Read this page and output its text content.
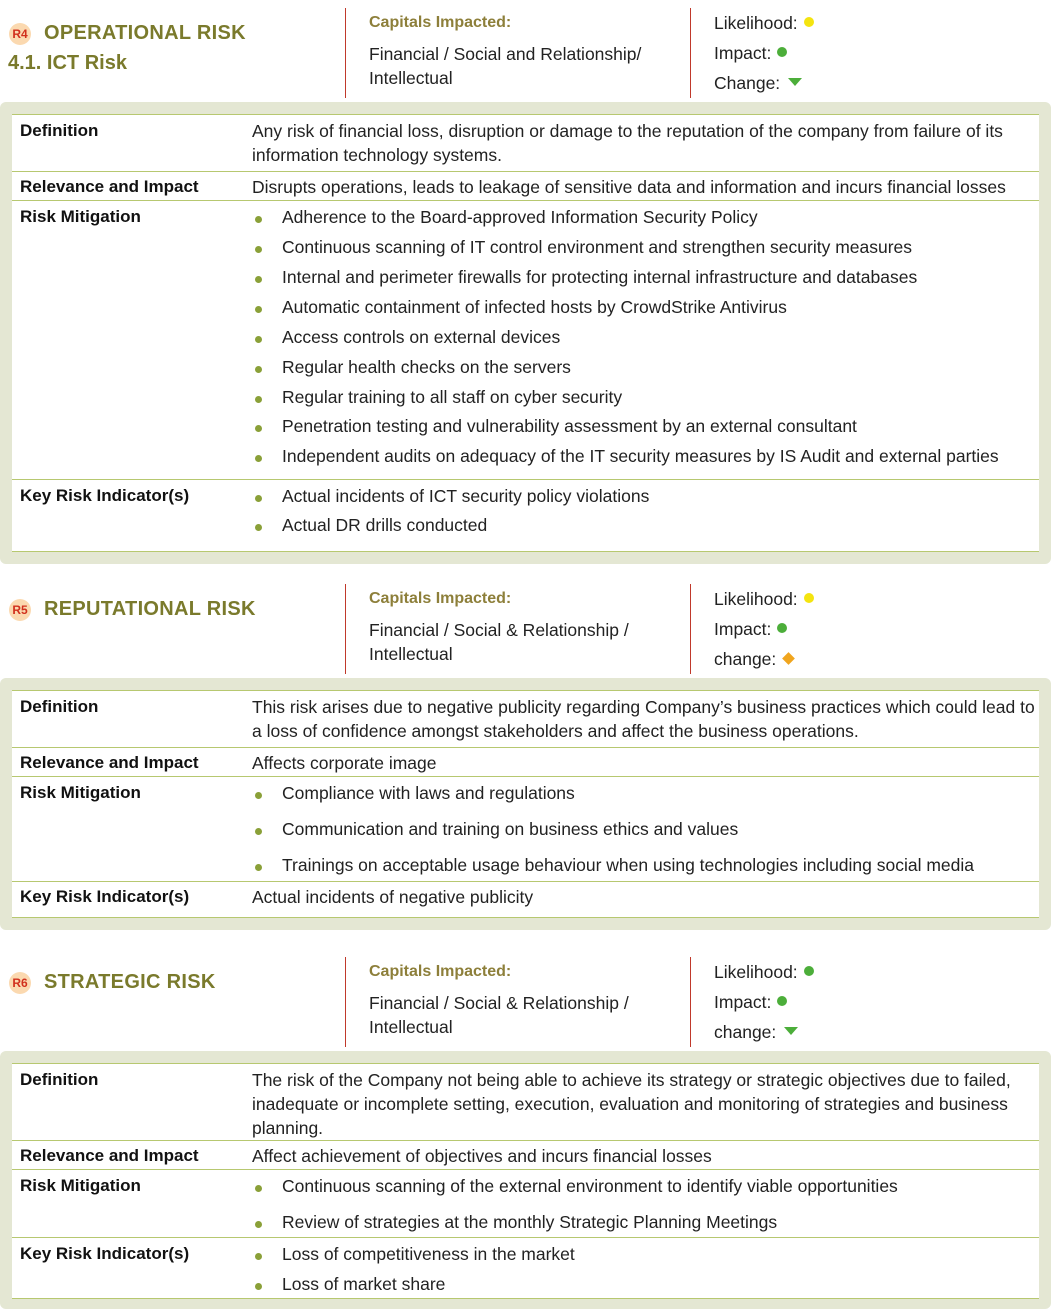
R4 OPERATIONAL RISK
4.1. ICT Risk
Capitals Impacted:
Financial / Social and Relationship/
Intellectual
Likelihood:
Impact:
Change:
Definition	Any risk of financial loss, disruption or damage to the reputation of the company from failure of its information technology systems.
Relevance and Impact	Disrupts operations, leads to leakage of sensitive data and information and incurs financial losses
Risk Mitigation	Adherence to the Board-approved Information Security Policy
Continuous scanning of IT control environment and strengthen security measures
Internal and perimeter firewalls for protecting internal infrastructure and databases
Automatic containment of infected hosts by CrowdStrike Antivirus
Access controls on external devices
Regular health checks on the servers
Regular training to all staff on cyber security
Penetration testing and vulnerability assessment by an external consultant
Independent audits on adequacy of the IT security measures by IS Audit and external parties
Key Risk Indicator(s)	Actual incidents of ICT security policy violations
Actual DR drills conducted
R5 REPUTATIONAL RISK	Capitals Impacted:
Financial / Social & Relationship /
Intellectual
Likelihood:
Impact:
change:
Definition	This risk arises due to negative publicity regarding Company’s business practices which could lead to a loss of confidence amongst stakeholders and affect the business operations.
Relevance and Impact	Affects corporate image
Risk Mitigation	Compliance with laws and regulations
Communication and training on business ethics and values
Trainings on acceptable usage behaviour when using technologies including social media
Key Risk Indicator(s)	Actual incidents of negative publicity
R6 STRATEGIC RISK	Capitals Impacted:
Financial / Social & Relationship /
Intellectual
Likelihood:
Impact:
change:
Definition	The risk of the Company not being able to achieve its strategy or strategic objectives due to failed, inadequate or incomplete setting, execution, evaluation and monitoring of strategies and business planning.
Relevance and Impact	Affect achievement of objectives and incurs financial losses
Risk Mitigation	Continuous scanning of the external environment to identify viable opportunities
Review of strategies at the monthly Strategic Planning Meetings
Key Risk Indicator(s)	Loss of competitiveness in the market
Loss of market share
